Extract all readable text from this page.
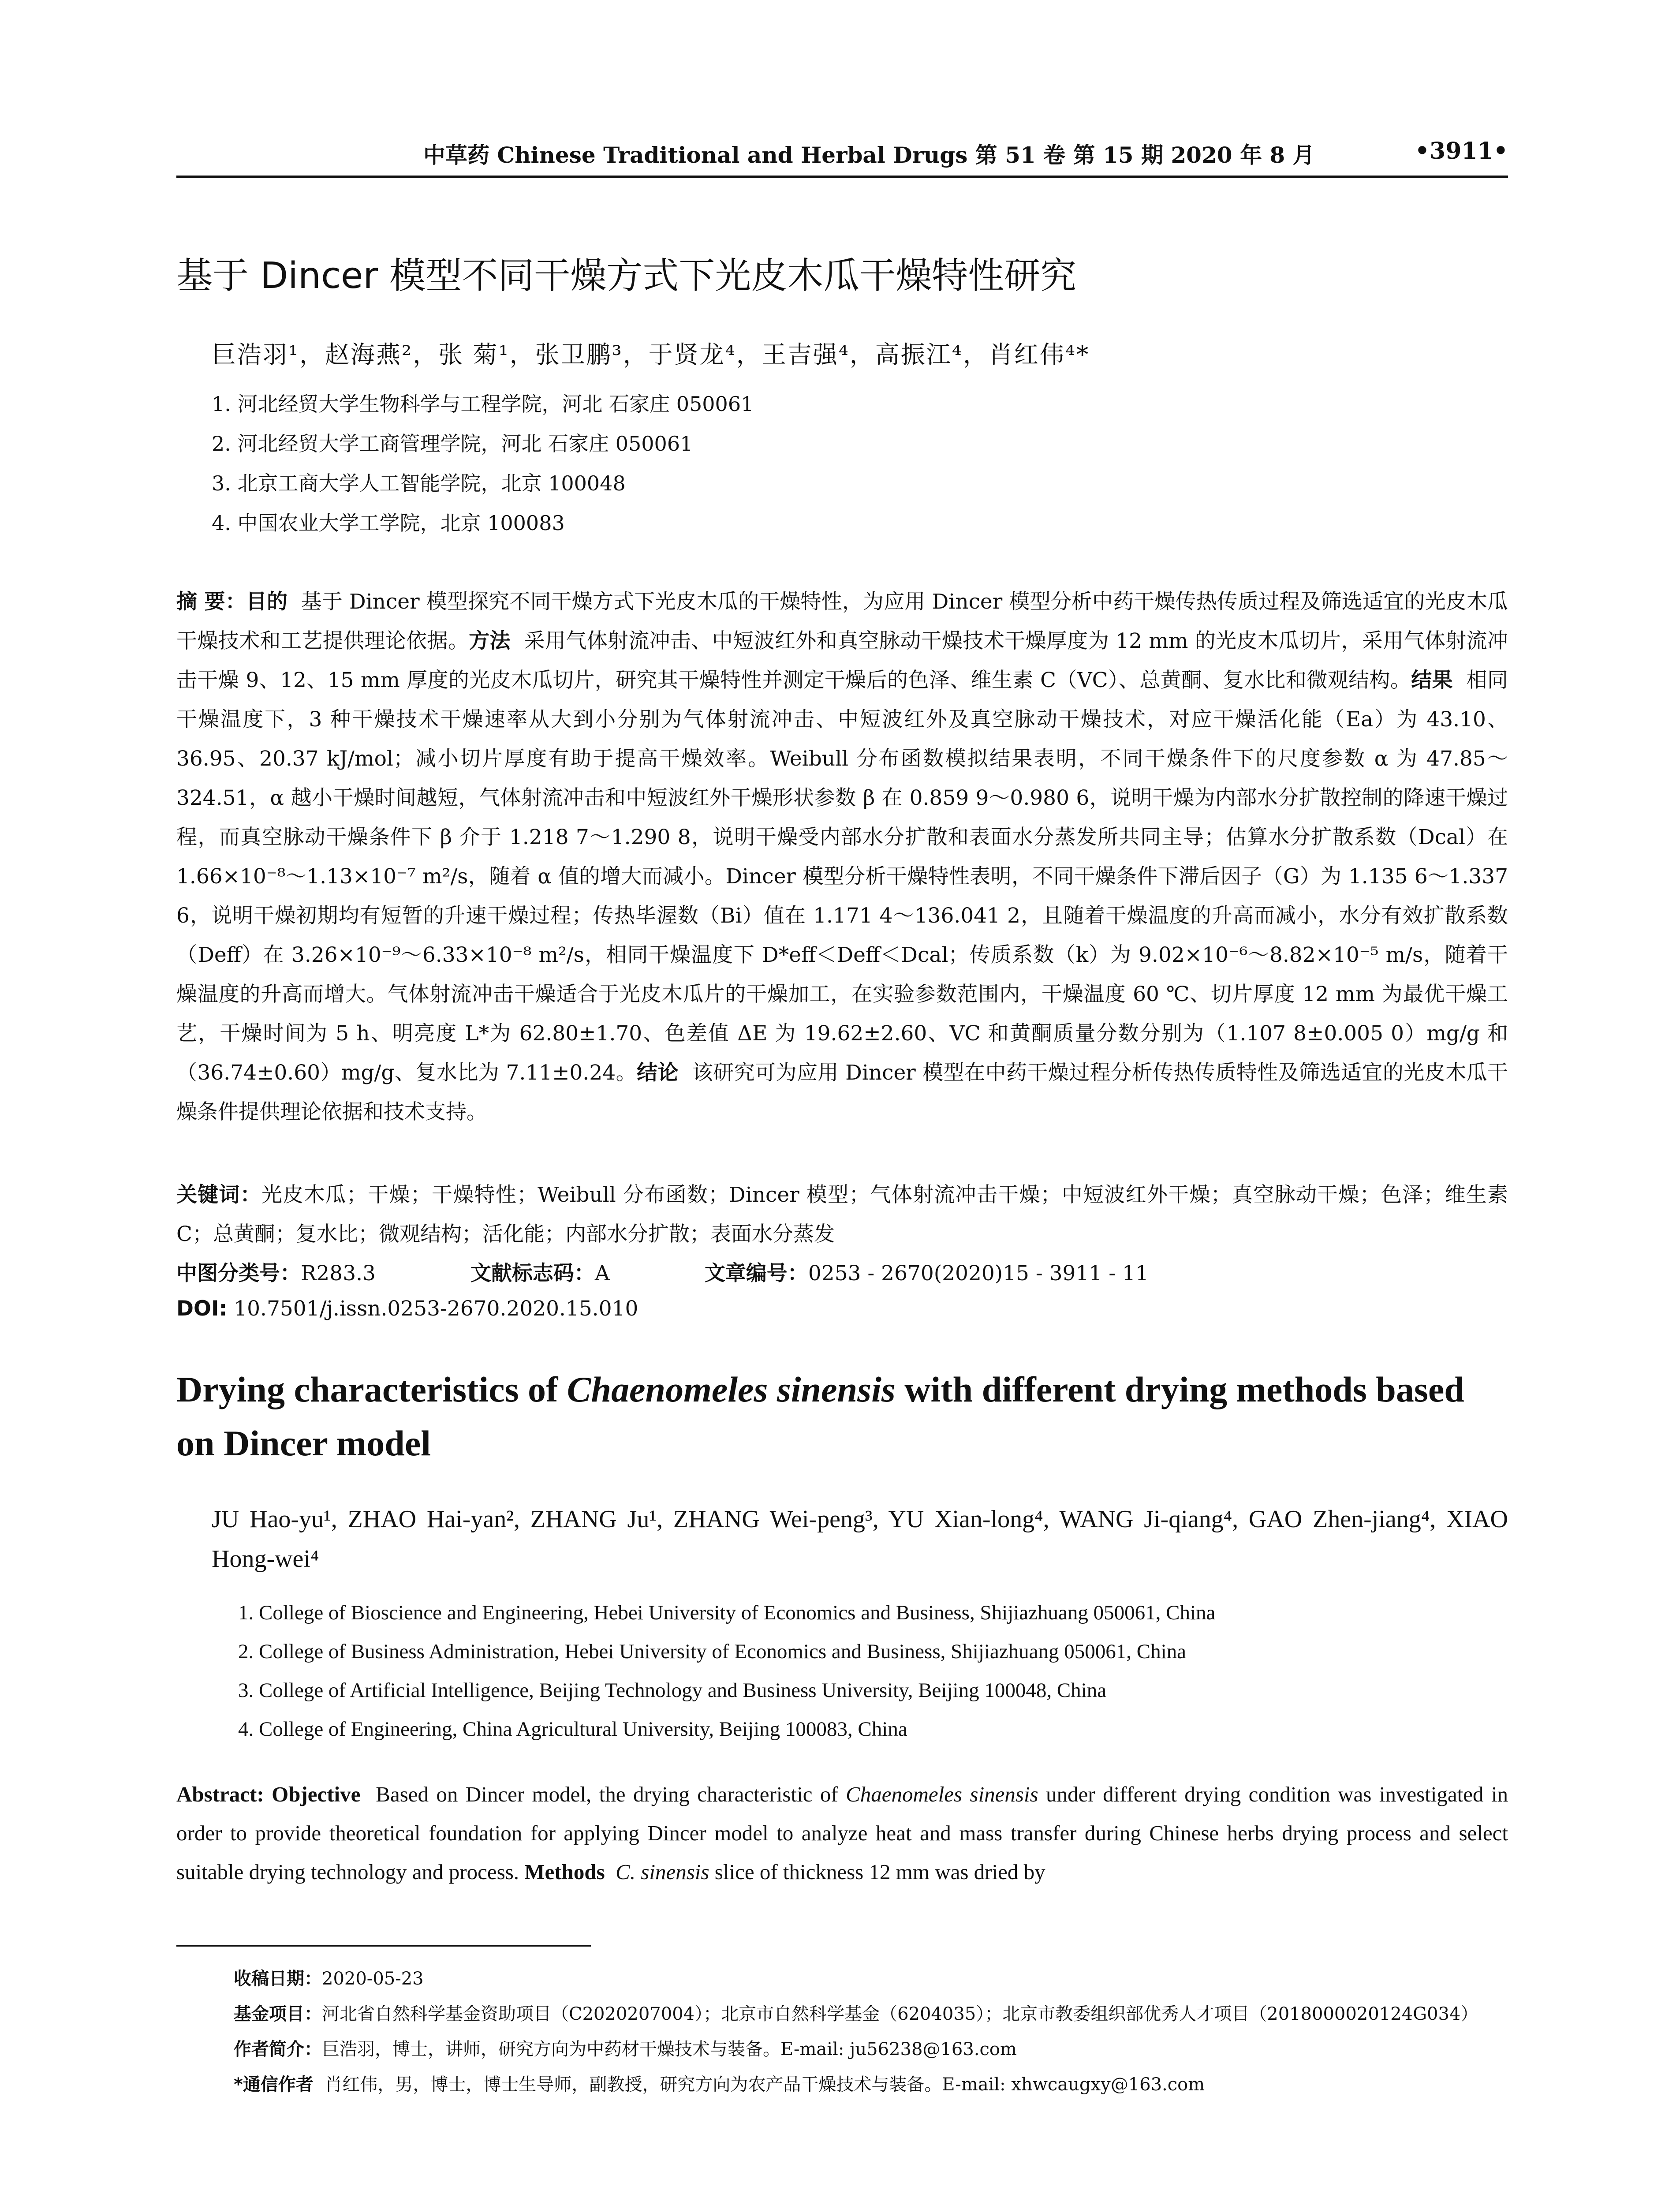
中草药 Chinese Traditional and Herbal Drugs 第 51 卷 第 15 期 2020 年 8 月	•3911•
基于 Dincer 模型不同干燥方式下光皮木瓜干燥特性研究
巨浩羽¹，赵海燕²，张 菊¹，张卫鹏³，于贤龙⁴，王吉强⁴，高振江⁴，肖红伟⁴*
1. 河北经贸大学生物科学与工程学院，河北 石家庄 050061
2. 河北经贸大学工商管理学院，河北 石家庄 050061
3. 北京工商大学人工智能学院，北京 100048
4. 中国农业大学工学院，北京 100083
摘 要：目的 基于 Dincer 模型探究不同干燥方式下光皮木瓜的干燥特性，为应用 Dincer 模型分析中药干燥传热传质过程及筛选适宜的光皮木瓜干燥技术和工艺提供理论依据。方法 采用气体射流冲击、中短波红外和真空脉动干燥技术干燥厚度为 12 mm 的光皮木瓜切片，采用气体射流冲击干燥 9、12、15 mm 厚度的光皮木瓜切片，研究其干燥特性并测定干燥后的色泽、维生素 C（VC）、总黄酮、复水比和微观结构。结果 相同干燥温度下，3 种干燥技术干燥速率从大到小分别为气体射流冲击、中短波红外及真空脉动干燥技术，对应干燥活化能（Ea）为 43.10、36.95、20.37 kJ/mol；减小切片厚度有助于提高干燥效率。Weibull 分布函数模拟结果表明，不同干燥条件下的尺度参数 α 为 47.85～324.51，α 越小干燥时间越短，气体射流冲击和中短波红外干燥形状参数 β 在 0.859 9～0.980 6，说明干燥为内部水分扩散控制的降速干燥过程，而真空脉动干燥条件下 β 介于 1.218 7～1.290 8，说明干燥受内部水分扩散和表面水分蒸发所共同主导；估算水分扩散系数（Dcal）在 1.66×10⁻⁸～1.13×10⁻⁷ m²/s，随着 α 值的增大而减小。Dincer 模型分析干燥特性表明，不同干燥条件下滞后因子（G）为 1.135 6～1.337 6，说明干燥初期均有短暂的升速干燥过程；传热毕渥数（Bi）值在 1.171 4～136.041 2，且随着干燥温度的升高而减小，水分有效扩散系数（Deff）在 3.26×10⁻⁹～6.33×10⁻⁸ m²/s，相同干燥温度下 D*eff＜Deff＜Dcal；传质系数（k）为 9.02×10⁻⁶～8.82×10⁻⁵ m/s，随着干燥温度的升高而增大。气体射流冲击干燥适合于光皮木瓜片的干燥加工，在实验参数范围内，干燥温度 60 ℃、切片厚度 12 mm 为最优干燥工艺，干燥时间为 5 h、明亮度 L*为 62.80±1.70、色差值 ΔE 为 19.62±2.60、VC 和黄酮质量分数分别为（1.107 8±0.005 0）mg/g 和（36.74±0.60）mg/g、复水比为 7.11±0.24。结论 该研究可为应用 Dincer 模型在中药干燥过程分析传热传质特性及筛选适宜的光皮木瓜干燥条件提供理论依据和技术支持。
关键词：光皮木瓜；干燥；干燥特性；Weibull 分布函数；Dincer 模型；气体射流冲击干燥；中短波红外干燥；真空脉动干燥；色泽；维生素 C；总黄酮；复水比；微观结构；活化能；内部水分扩散；表面水分蒸发
中图分类号：R283.3	文献标志码：A	文章编号：0253 - 2670(2020)15 - 3911 - 11
DOI: 10.7501/j.issn.0253-2670.2020.15.010
Drying characteristics of Chaenomeles sinensis with different drying methods based on Dincer model
JU Hao-yu¹, ZHAO Hai-yan², ZHANG Ju¹, ZHANG Wei-peng³, YU Xian-long⁴, WANG Ji-qiang⁴, GAO Zhen-jiang⁴, XIAO Hong-wei⁴
1. College of Bioscience and Engineering, Hebei University of Economics and Business, Shijiazhuang 050061, China
2. College of Business Administration, Hebei University of Economics and Business, Shijiazhuang 050061, China
3. College of Artificial Intelligence, Beijing Technology and Business University, Beijing 100048, China
4. College of Engineering, China Agricultural University, Beijing 100083, China
Abstract: Objective Based on Dincer model, the drying characteristic of Chaenomeles sinensis under different drying condition was investigated in order to provide theoretical foundation for applying Dincer model to analyze heat and mass transfer during Chinese herbs drying process and select suitable drying technology and process. Methods C. sinensis slice of thickness 12 mm was dried by
收稿日期：2020-05-23
基金项目：河北省自然科学基金资助项目（C2020207004）；北京市自然科学基金（6204035）；北京市教委组织部优秀人才项目（2018000020124G034）
作者简介：巨浩羽，博士，讲师，研究方向为中药材干燥技术与装备。E-mail: ju56238@163.com
*通信作者 肖红伟，男，博士，博士生导师，副教授，研究方向为农产品干燥技术与装备。E-mail: xhwcaugxy@163.com
